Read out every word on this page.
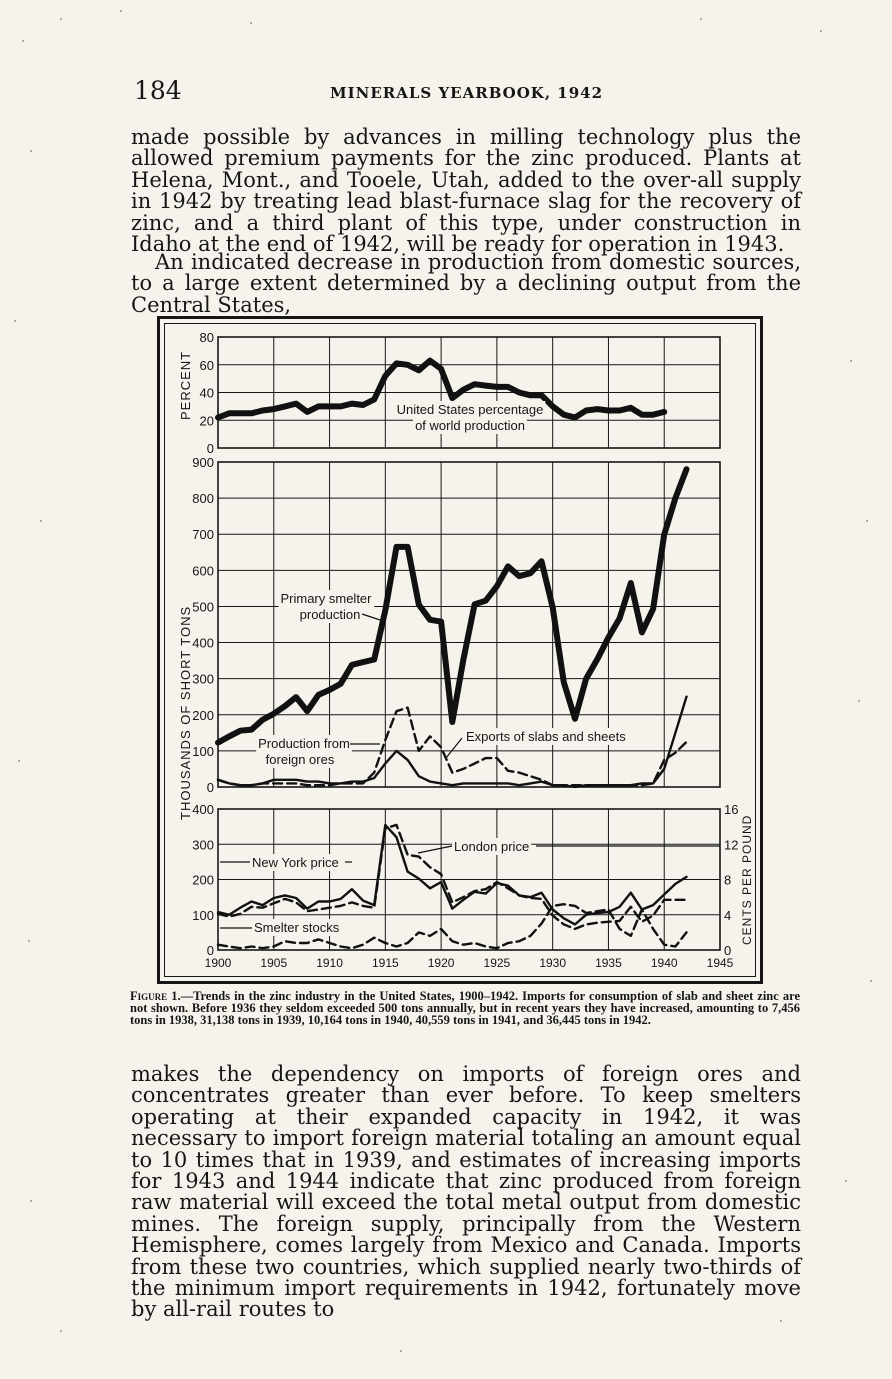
184	MINERALS YEARBOOK, 1942

made possible by advances in milling technology plus the allowed premium payments for the zinc produced. Plants at Helena, Mont., and Tooele, Utah, added to the over-all supply in 1942 by treating lead blast-furnace slag for the recovery of zinc, and a third plant of this type, under construction in Idaho at the end of 1942, will be ready for operation in 1943.

An indicated decrease in production from domestic sources, to a large extent determined by a declining output from the Central States,

0
20
40
60
80
PERCENT
0
100
200
300
400
500
600
700
800
900
THOUSANDS OF SHORT TONS
0
100
200
300
400
0
4
8
12
16
CENTS PER POUND
1900 1905 1910 1915 1920 1925 1930 1935 1940 1945
United States percentage
of world production
Primary smelter
production
Production from
foreign ores
Exports of slabs and sheets
New York price
London price
Smelter stocks
Figure 1.—Trends in the zinc industry in the United States, 1900–1942. Imports for consumption of slab and sheet zinc are not shown. Before 1936 they seldom exceeded 500 tons annually, but in recent years they have increased, amounting to 7,456 tons in 1938, 31,138 tons in 1939, 10,164 tons in 1940, 40,559 tons in 1941, and 36,445 tons in 1942.

makes the dependency on imports of foreign ores and concentrates greater than ever before. To keep smelters operating at their expanded capacity in 1942, it was necessary to import foreign material totaling an amount equal to 10 times that in 1939, and estimates of increasing imports for 1943 and 1944 indicate that zinc produced from foreign raw material will exceed the total metal output from domestic mines. The foreign supply, principally from the Western Hemisphere, comes largely from Mexico and Canada. Imports from these two countries, which supplied nearly two-thirds of the minimum import requirements in 1942, fortunately move by all-rail routes to
